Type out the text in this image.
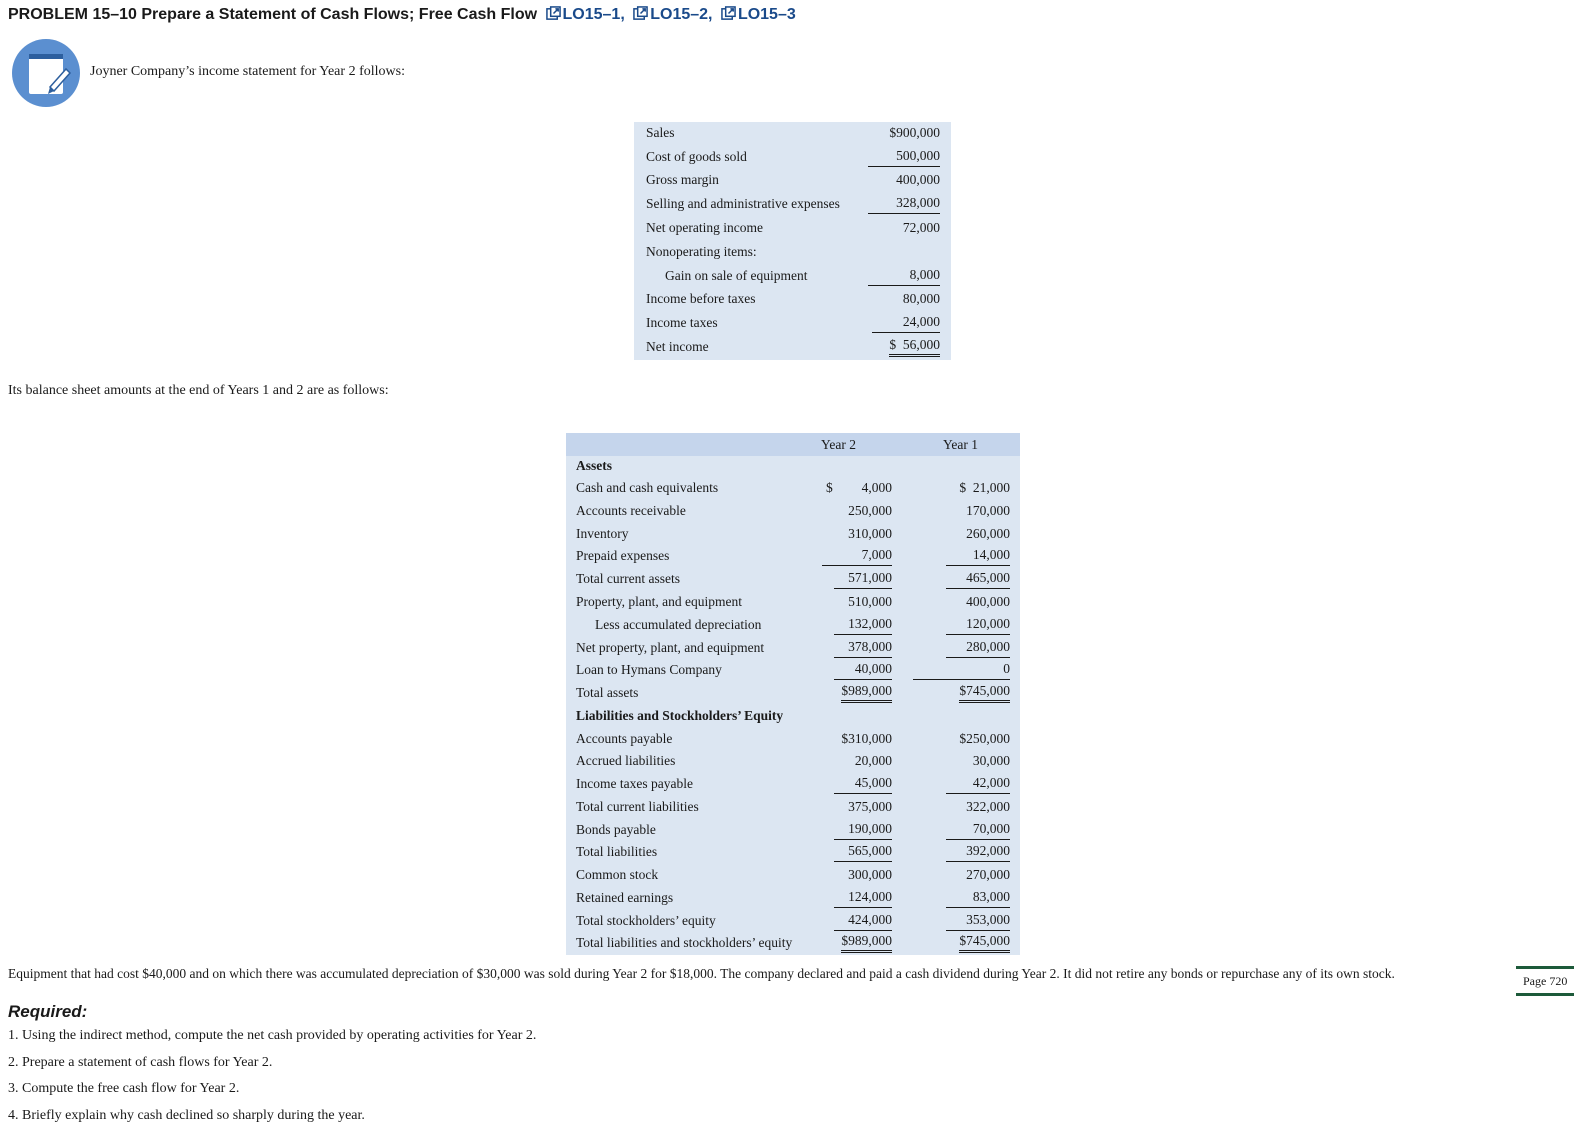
PROBLEM 15–10 Prepare a Statement of Cash Flows; Free Cash Flow LO15–1, LO15–2, LO15–3
Joyner Company’s income statement for Year 2 follows:
Sales	$900,000
Cost of goods sold	500,000
Gross margin	400,000
Selling and administrative expenses	328,000
Net operating income	72,000
Nonoperating items:
Gain on sale of equipment	8,000
Income before taxes	80,000
Income taxes	24,000
Net income	$  56,000
Its balance sheet amounts at the end of Years 1 and 2 are as follows:
Year 2	Year 1
Assets
Cash and cash equivalents	$ 4,000	$  21,000
Accounts receivable	250,000	170,000
Inventory	310,000	260,000
Prepaid expenses	7,000	14,000
Total current assets	571,000	465,000
Property, plant, and equipment	510,000	400,000
Less accumulated depreciation	132,000	120,000
Net property, plant, and equipment	378,000	280,000
Loan to Hymans Company	40,000	0
Total assets	$989,000	$745,000
Liabilities and Stockholders’ Equity
Accounts payable	$310,000	$250,000
Accrued liabilities	20,000	30,000
Income taxes payable	45,000	42,000
Total current liabilities	375,000	322,000
Bonds payable	190,000	70,000
Total liabilities	565,000	392,000
Common stock	300,000	270,000
Retained earnings	124,000	83,000
Total stockholders’ equity	424,000	353,000
Total liabilities and stockholders’ equity	$989,000	$745,000
Equipment that had cost $40,000 and on which there was accumulated depreciation of $30,000 was sold during Year 2 for $18,000. The company declared and paid a cash dividend during Year 2. It did not retire any bonds or repurchase any of its own stock.	Page 720
Required:
1. Using the indirect method, compute the net cash provided by operating activities for Year 2.
2. Prepare a statement of cash flows for Year 2.
3. Compute the free cash flow for Year 2.
4. Briefly explain why cash declined so sharply during the year.
